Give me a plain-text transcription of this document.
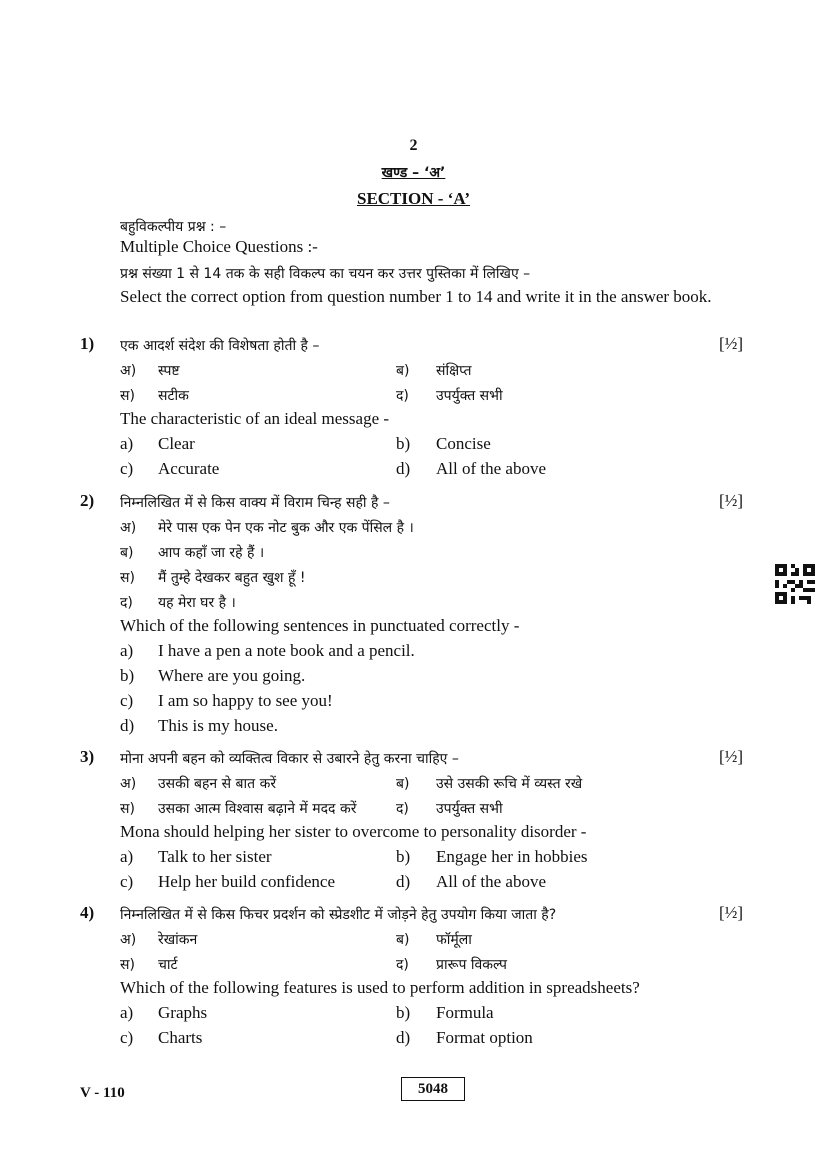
2
खण्ड – ‘अ’
SECTION - ‘A’
बहुविकल्पीय प्रश्न : –
Multiple Choice Questions :-
प्रश्न संख्या 1 से 14 तक के सही विकल्प का चयन कर उत्तर पुस्तिका में लिखिए –
Select the correct option from question number 1 to 14 and write it in the answer book.
1)	[½]
एक आदर्श संदेश की विशेषता होती है –
अ) स्पष्ट	ब) संक्षिप्त
स) सटीक	द) उपर्युक्त सभी
The characteristic of an ideal message -
a) Clear	b) Concise
c) Accurate	d) All of the above
2)	[½]
निम्नलिखित में से किस वाक्य में विराम चिन्ह सही है –
अ) मेरे पास एक पेन एक नोट बुक और एक पेंसिल है ।
ब) आप कहाँ जा रहे हैं ।
स) मैं तुम्हे देखकर बहुत खुश हूँ !
द) यह मेरा घर है ।
Which of the following sentences in punctuated correctly -
a) I have a pen a note book and a pencil.
b) Where are you going.
c) I am so happy to see you!
d) This is my house.
3)	[½]
मोना अपनी बहन को व्यक्तित्व विकार से उबारने हेतु करना चाहिए –
अ) उसकी बहन से बात करें	ब) उसे उसकी रूचि में व्यस्त रखे
स) उसका आत्म विश्वास बढ़ाने में मदद करें	द) उपर्युक्त सभी
Mona should helping her sister to overcome to personality disorder -
a) Talk to her sister	b) Engage her in hobbies
c) Help her build confidence	d) All of the above
4)	[½]
निम्नलिखित में से किस फिचर प्रदर्शन को स्प्रेडशीट में जोड़ने हेतु उपयोग किया जाता है?
अ) रेखांकन	ब) फॉर्मूला
स) चार्ट	द) प्रारूप विकल्प
Which of the following features is used to perform addition in spreadsheets?
a) Graphs	b) Formula
c) Charts	d) Format option
V - 110	5048
